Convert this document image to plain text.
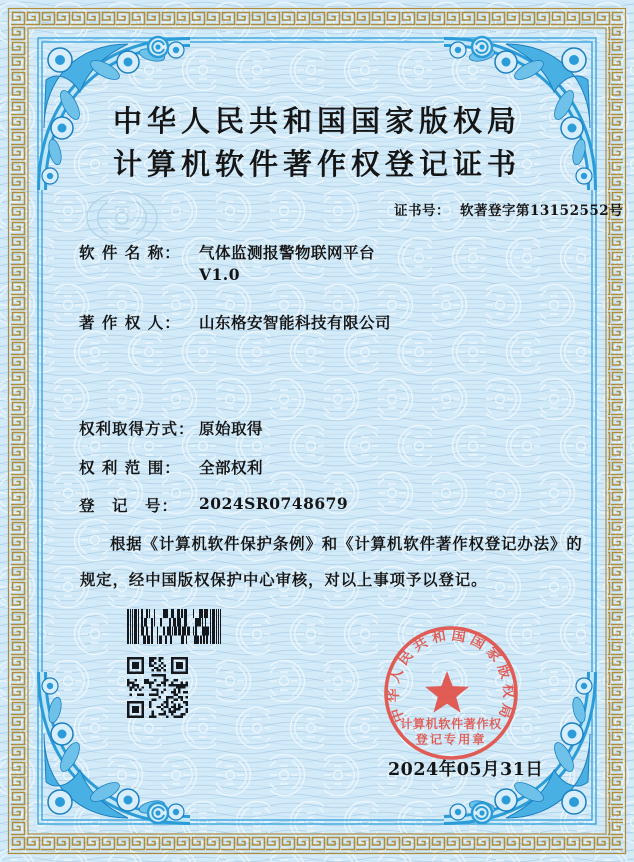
中华人民共和国国家版权局
计算机软件著作权登记证书
证书号： 软著登字第13152552号
软 件 名 称： 气体监测报警物联网平台
V1.0
著 作 权 人： 山东格安智能科技有限公司
权利取得方式： 原始取得
权 利 范 围： 全部权利
登　记　号： 2024SR0748679
根据《计算机软件保护条例》和《计算机软件著作权登记办法》的
规定，经中国版权保护中心审核，对以上事项予以登记。
中华人民共和国国家版权局
计算机软件著作权
登记专用章
2024年05月31日
